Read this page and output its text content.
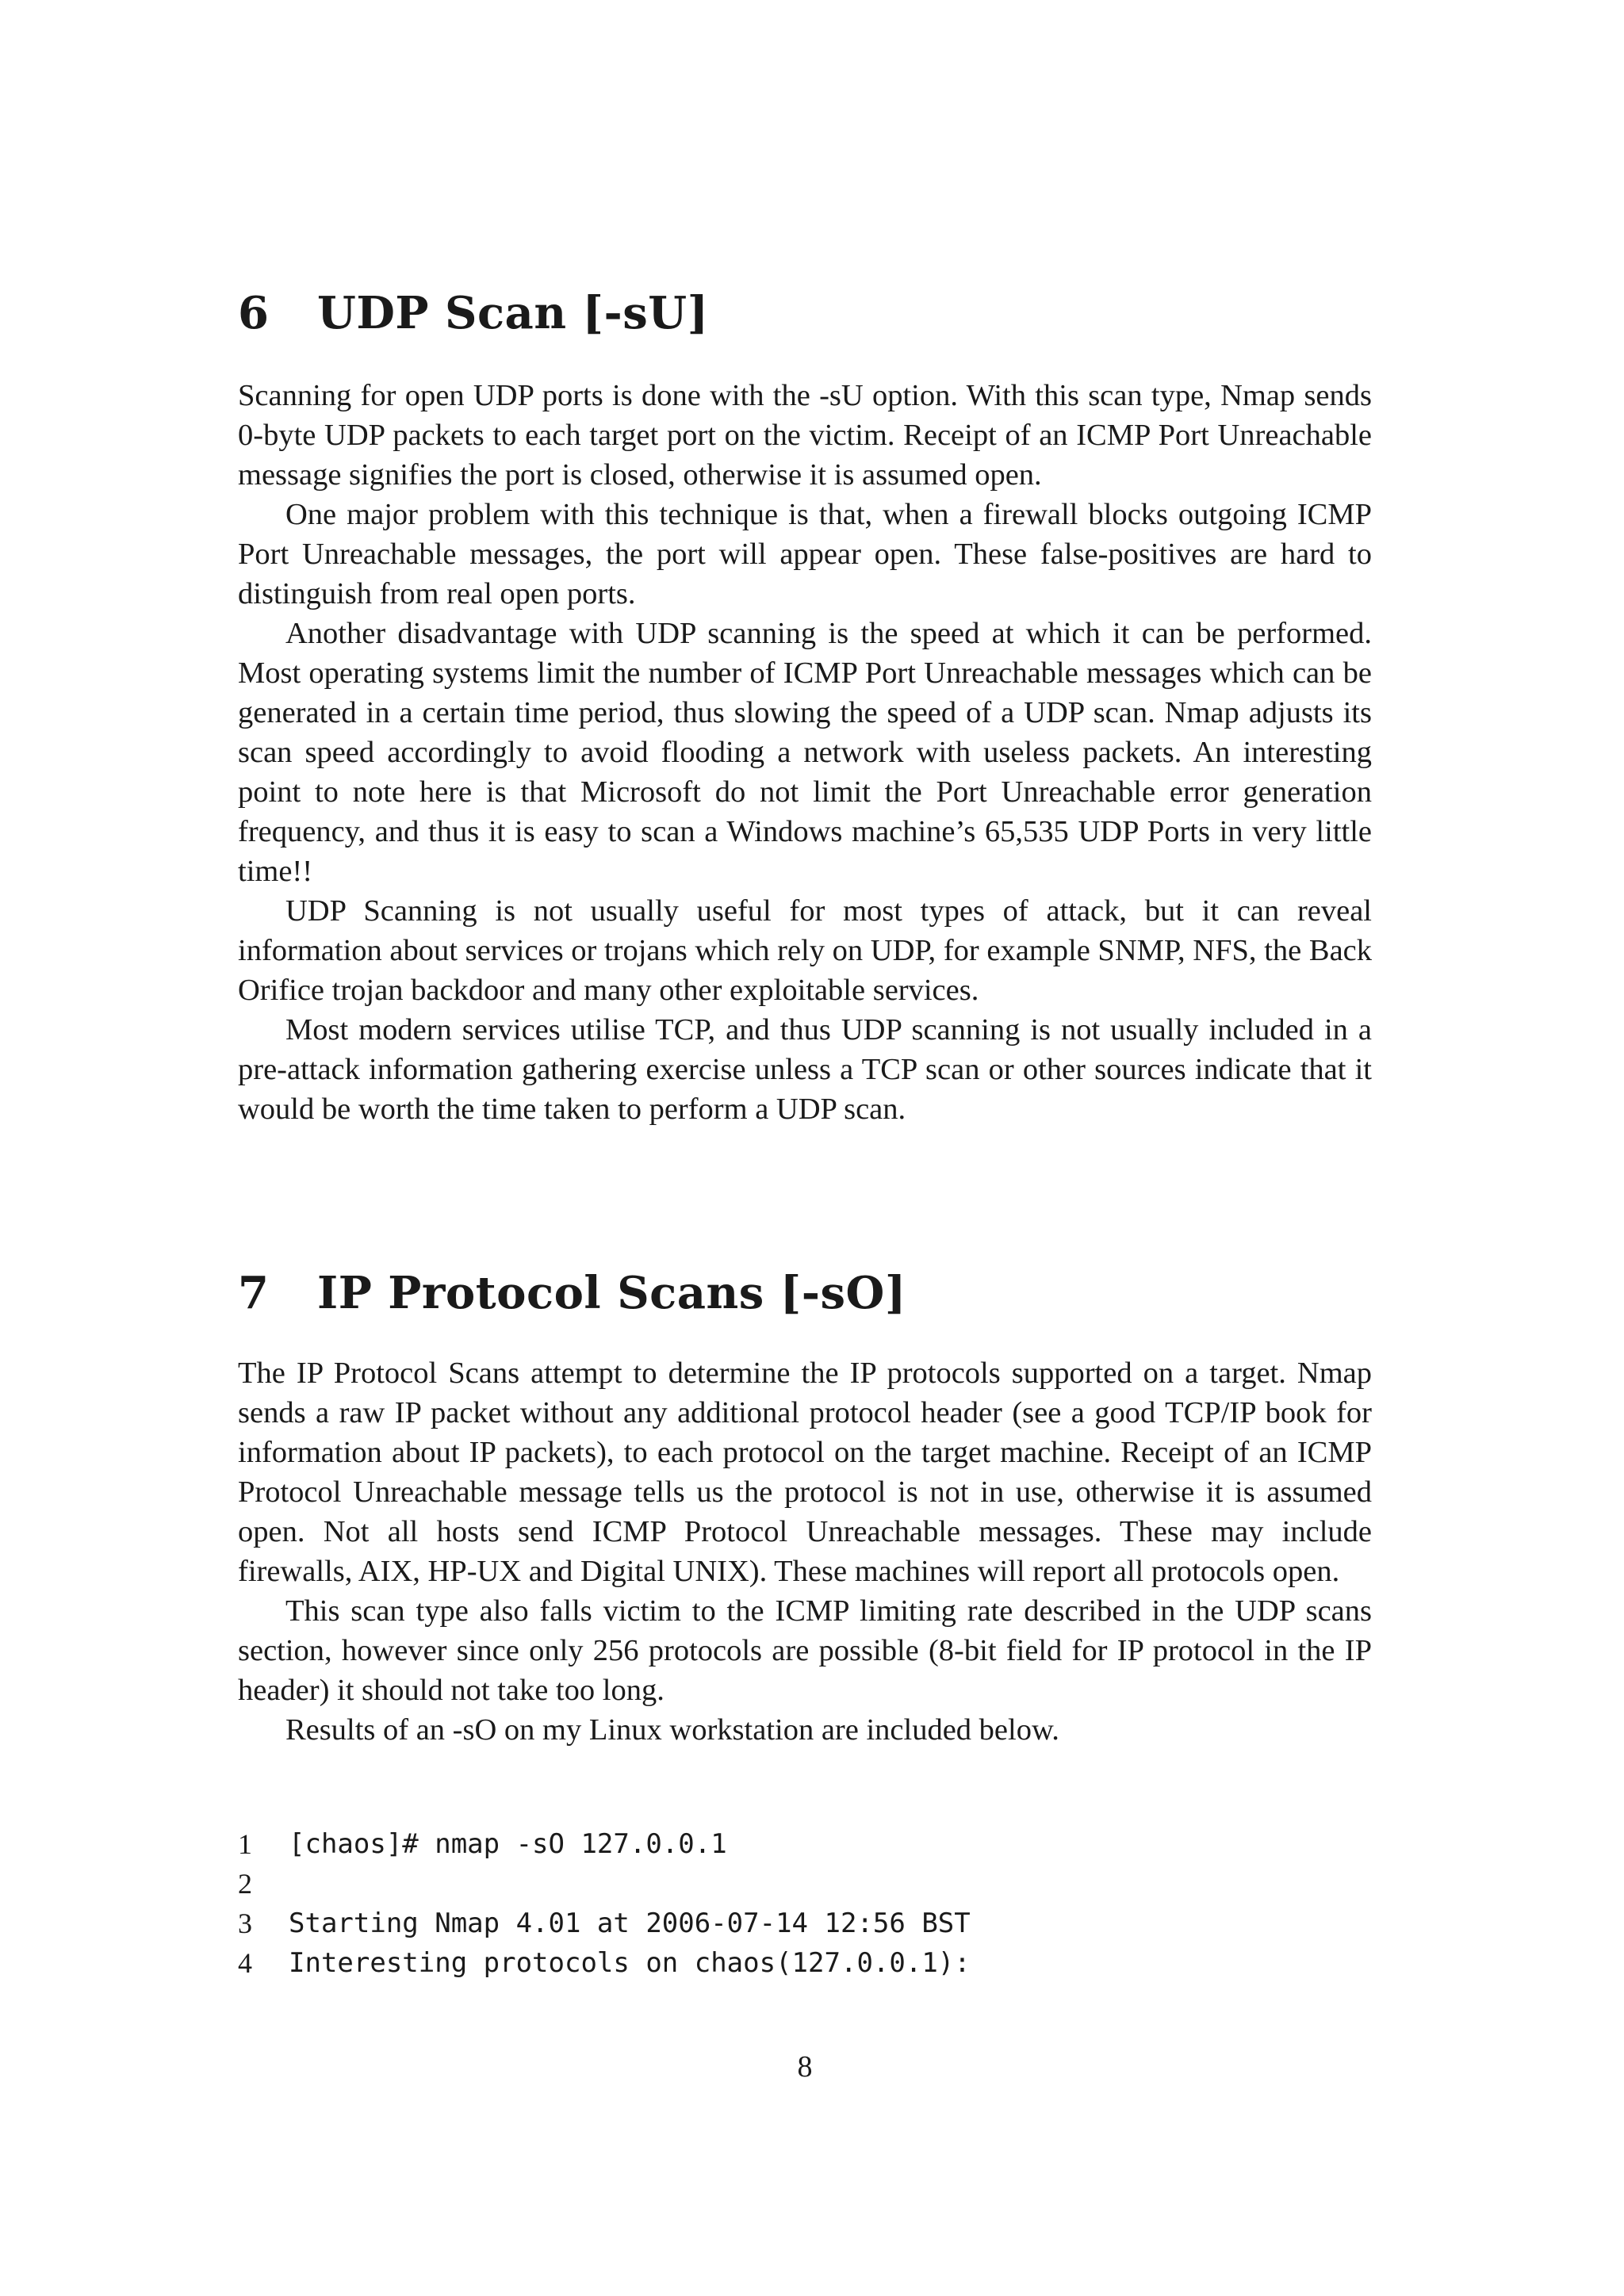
6 UDP Scan [-sU]

Scanning for open UDP ports is done with the -sU option. With this scan type, Nmap sends 0-byte UDP packets to each target port on the victim. Receipt of an ICMP Port Unreachable message signifies the port is closed, otherwise it is assumed open.

One major problem with this technique is that, when a firewall blocks outgoing ICMP Port Unreachable messages, the port will appear open. These false-positives are hard to distinguish from real open ports.

Another disadvantage with UDP scanning is the speed at which it can be performed. Most operating systems limit the number of ICMP Port Unreachable messages which can be generated in a certain time period, thus slowing the speed of a UDP scan. Nmap adjusts its scan speed accordingly to avoid flooding a network with useless packets. An interesting point to note here is that Microsoft do not limit the Port Unreachable error generation frequency, and thus it is easy to scan a Windows machine’s 65,535 UDP Ports in very little time!!

UDP Scanning is not usually useful for most types of attack, but it can reveal information about services or trojans which rely on UDP, for example SNMP, NFS, the Back Orifice trojan backdoor and many other exploitable services.

Most modern services utilise TCP, and thus UDP scanning is not usually included in a pre-attack information gathering exercise unless a TCP scan or other sources indicate that it would be worth the time taken to perform a UDP scan.

7 IP Protocol Scans [-sO]

The IP Protocol Scans attempt to determine the IP protocols supported on a target. Nmap sends a raw IP packet without any additional protocol header (see a good TCP/IP book for information about IP packets), to each protocol on the target machine. Receipt of an ICMP Protocol Unreachable message tells us the protocol is not in use, otherwise it is assumed open. Not all hosts send ICMP Protocol Unreachable messages. These may include firewalls, AIX, HP-UX and Digital UNIX). These machines will report all protocols open.

This scan type also falls victim to the ICMP limiting rate described in the UDP scans section, however since only 256 protocols are possible (8-bit field for IP protocol in the IP header) it should not take too long.

Results of an -sO on my Linux workstation are included below.

1	[chaos]# nmap -sO 127.0.0.1
2
3	Starting Nmap 4.01 at 2006-07-14 12:56 BST
4	Interesting protocols on chaos(127.0.0.1):
8
